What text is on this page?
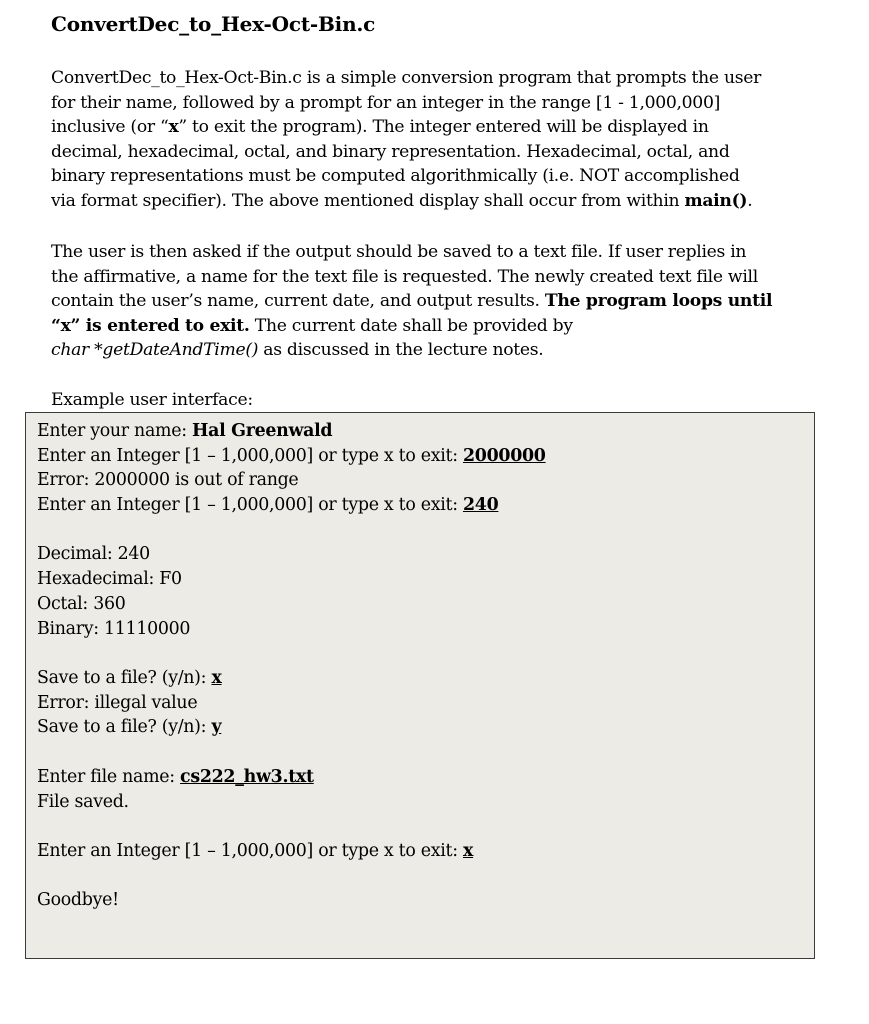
ConvertDec_to_Hex-Oct-Bin.c
ConvertDec_to_Hex-Oct-Bin.c is a simple conversion program that prompts the user
for their name, followed by a prompt for an integer in the range [1 - 1,000,000]
inclusive (or “x” to exit the program). The integer entered will be displayed in
decimal, hexadecimal, octal, and binary representation. Hexadecimal, octal, and
binary representations must be computed algorithmically (i.e. NOT accomplished
via format specifier). The above mentioned display shall occur from within main().
The user is then asked if the output should be saved to a text file. If user replies in
the affirmative, a name for the text file is requested. The newly created text file will
contain the user’s name, current date, and output results. The program loops until
“x” is entered to exit. The current date shall be provided by
char *getDateAndTime() as discussed in the lecture notes.
Example user interface:
Enter your name: Hal Greenwald
Enter an Integer [1 – 1,000,000] or type x to exit: 2000000
Error: 2000000 is out of range
Enter an Integer [1 – 1,000,000] or type x to exit: 240
Decimal: 240
Hexadecimal: F0
Octal: 360
Binary: 11110000
Save to a file? (y/n): x
Error: illegal value
Save to a file? (y/n): y
Enter file name: cs222_hw3.txt
File saved.
Enter an Integer [1 – 1,000,000] or type x to exit: x
Goodbye!
